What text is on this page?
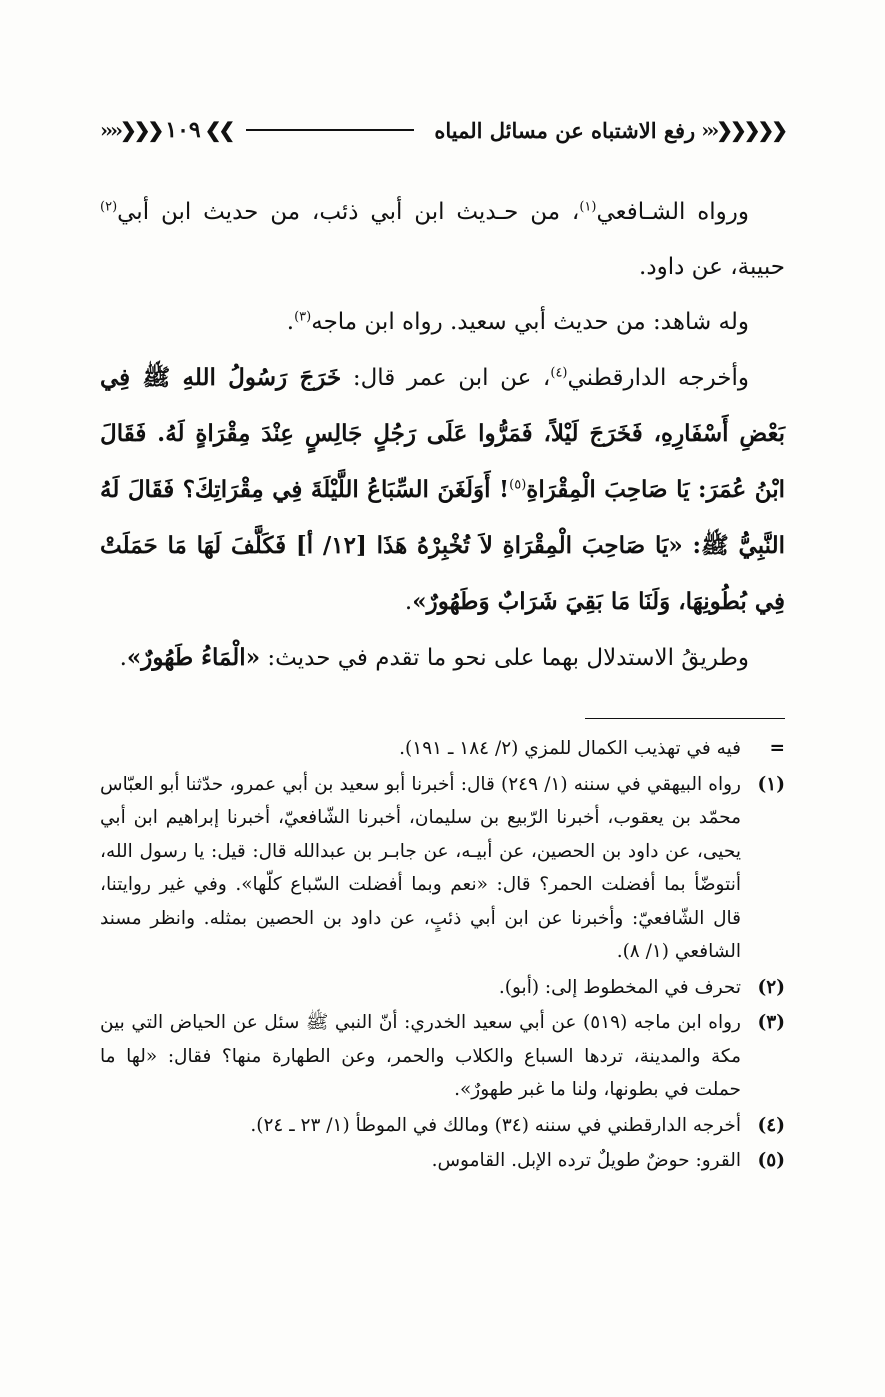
❮❮❮❮❮‹‹‹
رفع الاشتباه عن مسائل المياه
❯❯
١٠٩
❮❮❮‹‹‹‹

ورواه الشـافعي$^{(١)}$، من حـديث ابن أبي ذئب، من حديث ابن أبي$^{(٢)}$ حبيبة، عن داود.

وله شاهد: من حديث أبي سعيد. رواه ابن ماجه$^{(٣)}$.

وأخرجه الدارقطني$^{(٤)}$، عن ابن عمر قال: خَرَجَ رَسُولُ اللهِ ﷺ فِي بَعْضِ أَسْفَارِهِ، فَخَرَجَ لَيْلاً، فَمَرُّوا عَلَى رَجُلٍ جَالِسٍ عِنْدَ مِقْرَاةٍ لَهُ. فَقَالَ ابْنُ عُمَرَ: يَا صَاحِبَ الْمِقْرَاةِ$^{(٥)}$! أَوَلَغَنَ السِّبَاعُ اللَّيْلَةَ فِي مِقْرَاتِكَ؟ فَقَالَ لَهُ النَّبِيُّ ﷺ: «يَا صَاحِبَ الْمِقْرَاةِ لاَ تُخْبِرْهُ هَذَا [١٢/ أ] فَكَلَّفَ لَهَا مَا حَمَلَتْ فِي بُطُونِهَا، وَلَنَا مَا بَقِيَ شَرَابٌ وَطَهُورٌ».

وطريقُ الاستدلال بهما على نحو ما تقدم في حديث: «الْمَاءُ طَهُورٌ».

=
فيه في تهذيب الكمال للمزي (٢/ ١٨٤ ـ ١٩١).
(١)
رواه البيهقي في سننه (١/ ٢٤٩) قال: أخبرنا أبو سعيد بن أبي عمرو، حدّثنا أبو العبّاس محمّد بن يعقوب، أخبرنا الرّبيع بن سليمان، أخبرنا الشّافعيّ، أخبرنا إبراهيم ابن أبي يحيى، عن داود بن الحصين، عن أبيـه، عن جابـر بن عبدالله قال: قيل: يا رسول الله، أنتوضّأ بما أفضلت الحمر؟ قال: «نعم وبما أفضلت السّباع كلّها». وفي غير روايتنا، قال الشّافعيّ: وأخبرنا عن ابن أبي ذئبٍ، عن داود بن الحصين بمثله. وانظر مسند الشافعي (١/ ٨).
(٢)
تحرف في المخطوط إلى: (أبو).
(٣)
رواه ابن ماجه (٥١٩) عن أبي سعيد الخدري: أنّ النبي ﷺ سئل عن الحياض التي بين مكة والمدينة، تردها السباع والكلاب والحمر، وعن الطهارة منها؟ فقال: «لها ما حملت في بطونها، ولنا ما غبر طهورٌ».
(٤)
أخرجه الدارقطني في سننه (٣٤) ومالك في الموطأ (١/ ٢٣ ـ ٢٤).
(٥)
القرو: حوضٌ طويلٌ ترده الإبل. القاموس.
